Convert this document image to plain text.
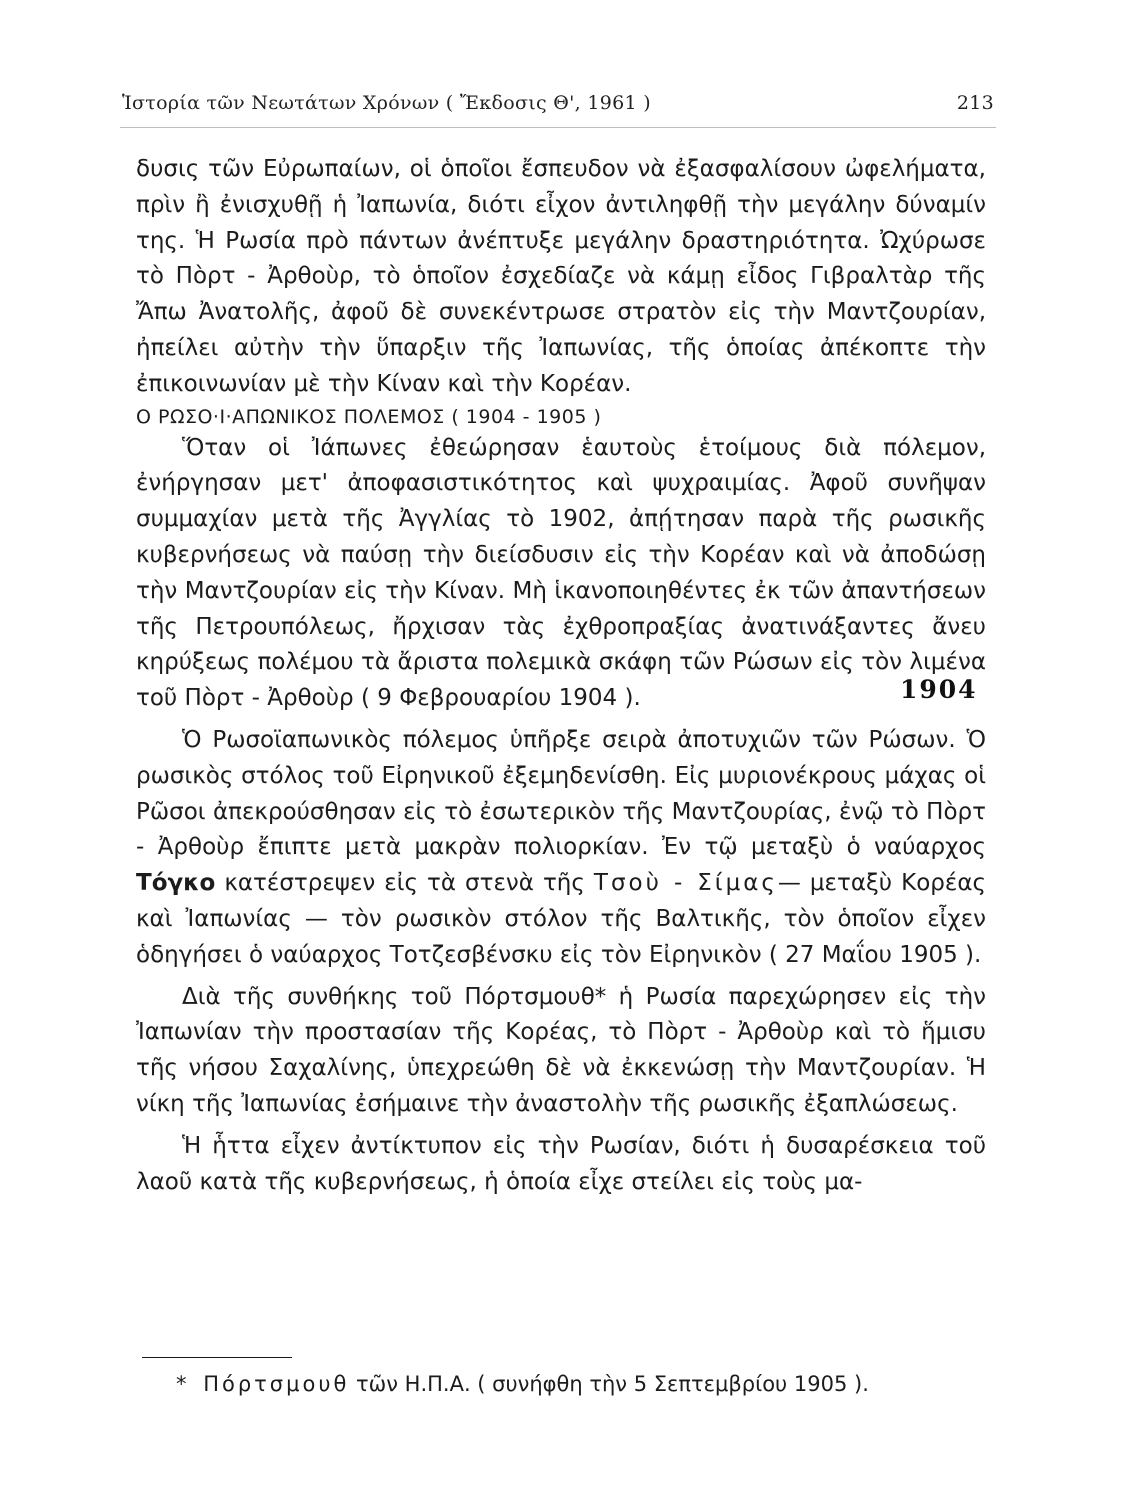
Ἱστορία τῶν Νεωτάτων Χρόνων ( Ἔκδοσις Θ', 1961 )	213

δυσις τῶν Εὐρωπαίων, οἱ ὁποῖοι ἔσπευδον νὰ ἐξασφαλίσουν ὠφελήματα, πρὶν ἢ ἐνισχυθῇ ἡ Ἰαπωνία, διότι εἶχον ἀντιληφθῇ τὴν μεγάλην δύναμίν της. Ἡ Ρωσία πρὸ πάντων ἀνέπτυξε μεγάλην δραστηριότητα. Ὠχύρωσε τὸ Πὸρτ - Ἀρθοὺρ, τὸ ὁποῖον ἐσχεδίαζε νὰ κάμῃ εἶδος Γιβραλτὰρ τῆς Ἄπω Ἀνατολῆς, ἀφοῦ δὲ συνεκέντρωσε στρατὸν εἰς τὴν Μαντζουρίαν, ἠπείλει αὐτὴν τὴν ὕπαρξιν τῆς Ἰαπωνίας, τῆς ὁποίας ἀπέκοπτε τὴν ἐπικοινωνίαν μὲ τὴν Κίναν καὶ τὴν Κορέαν.

Ο ΡΩΣΟ·Ι·ΑΠΩΝΙΚΟΣ ΠΟΛΕΜΟΣ ( 1904 - 1905 )

Ὅταν οἱ Ἰάπωνες ἐθεώρησαν ἑαυτοὺς ἑτοίμους διὰ πόλεμον, ἐνήργησαν μετ' ἀποφασιστικότητος καὶ ψυχραιμίας. Ἀφοῦ συνῆψαν συμμαχίαν μετὰ τῆς Ἀγγλίας τὸ 1902, ἀπῄτησαν παρὰ τῆς ρωσικῆς κυβερνήσεως νὰ παύσῃ τὴν διείσδυσιν εἰς τὴν Κορέαν καὶ νὰ ἀποδώσῃ τὴν Μαντζουρίαν εἰς τὴν Κίναν. Μὴ ἱκανοποιηθέντες ἐκ τῶν ἀπαντήσεων τῆς Πετρουπόλεως, ἤρχισαν τὰς ἐχθροπραξίας ἀνατινάξαντες ἄνευ κηρύξεως πολέμου τὰ ἄριστα πολεμικὰ σκάφη τῶν Ρώσων εἰς τὸν λιμένα τοῦ Πὸρτ - Ἀρθοὺρ ( 9 Φεβρουαρίου 1904 ).

Ὁ Ρωσοϊαπωνικὸς πόλεμος ὑπῆρξε σειρὰ ἀποτυχιῶν τῶν Ρώσων. Ὁ ρωσικὸς στόλος τοῦ Εἰρηνικοῦ ἐξεμηδενίσθη. Εἰς μυριονέκρους μάχας οἱ Ρῶσοι ἀπεκρούσθησαν εἰς τὸ ἐσωτερικὸν τῆς Μαντζουρίας, ἐνῷ τὸ Πὸρτ - Ἀρθοὺρ ἔπιπτε μετὰ μακρὰν πολιορκίαν. Ἐν τῷ μεταξὺ ὁ ναύαρχος Τόγκο κατέστρεψεν εἰς τὰ στενὰ τῆς Τσοὺ - Σίμας— μεταξὺ Κορέας καὶ Ἰαπωνίας — τὸν ρωσικὸν στόλον τῆς Βαλτικῆς, τὸν ὁποῖον εἶχεν ὁδηγήσει ὁ ναύαρχος Τοτζεσβένσκυ εἰς τὸν Εἰρηνικὸν ( 27 Μαΐου 1905 ).

Διὰ τῆς συνθήκης τοῦ Πόρτσμουθ* ἡ Ρωσία παρεχώρησεν εἰς τὴν Ἰαπωνίαν τὴν προστασίαν τῆς Κορέας, τὸ Πὸρτ - Ἀρθοὺρ καὶ τὸ ἥμισυ τῆς νήσου Σαχαλίνης, ὑπεχρεώθη δὲ νὰ ἐκκενώσῃ τὴν Μαντζουρίαν. Ἡ νίκη τῆς Ἰαπωνίας ἐσήμαινε τὴν ἀναστολὴν τῆς ρωσικῆς ἐξαπλώσεως.

Ἡ ἧττα εἶχεν ἀντίκτυπον εἰς τὴν Ρωσίαν, διότι ἡ δυσαρέσκεια τοῦ λαοῦ κατὰ τῆς κυβερνήσεως, ἡ ὁποία εἶχε στείλει εἰς τοὺς μα-

1904
* Πόρτσμουθ τῶν Η.Π.Α. ( συνήφθη τὴν 5 Σεπτεμβρίου 1905 ).
